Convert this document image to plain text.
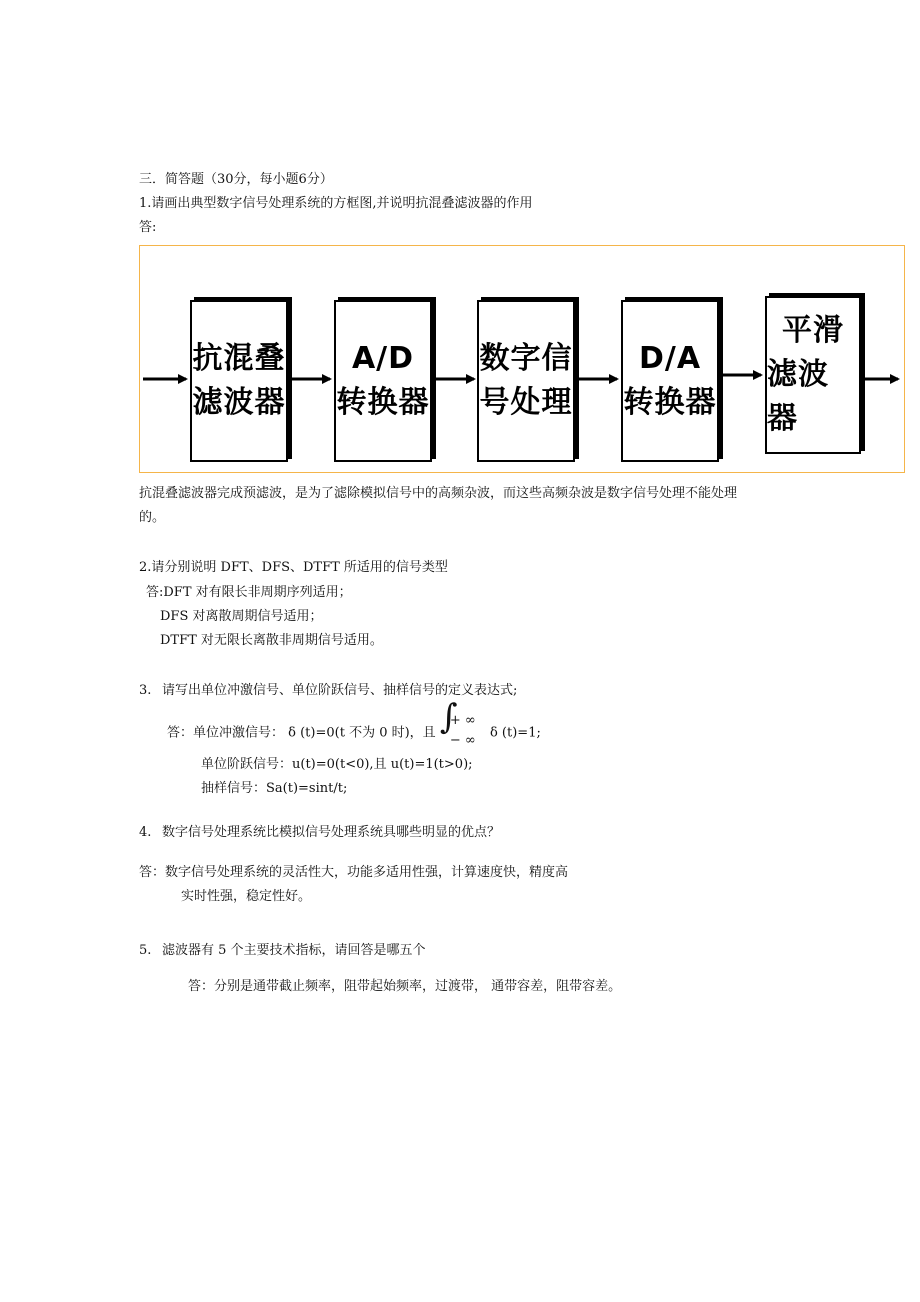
三．简答题（30分，每小题6分）
1.请画出典型数字信号处理系统的方框图,并说明抗混叠滤波器的作用
答:
抗混叠
滤波器
A/D
转换器
数字信
号处理
D/A
转换器
平滑
滤波器
抗混叠滤波器完成预滤波，是为了滤除模拟信号中的高频杂波，而这些高频杂波是数字信号处理不能处理
的。
2.请分别说明 DFT、DFS、DTFT 所适用的信号类型
答:DFT 对有限长非周期序列适用；
DFS 对离散周期信号适用；
DTFT 对无限长离散非周期信号适用。
3. 请写出单位冲激信号、单位阶跃信号、抽样信号的定义表达式;
答：单位冲激信号： δ (t)=0(t 不为 0 时)，且 ∫
+ ∞
− ∞ δ (t)=1;
单位阶跃信号：u(t)=0(t<0),且 u(t)=1(t>0);
抽样信号：Sa(t)=sint/t;
4. 数字信号处理系统比模拟信号处理系统具哪些明显的优点？
答：数字信号处理系统的灵活性大，功能多适用性强，计算速度快，精度高
实时性强，稳定性好。
5. 滤波器有 5 个主要技术指标，请回答是哪五个
答：分别是通带截止频率，阻带起始频率，过渡带， 通带容差，阻带容差。
